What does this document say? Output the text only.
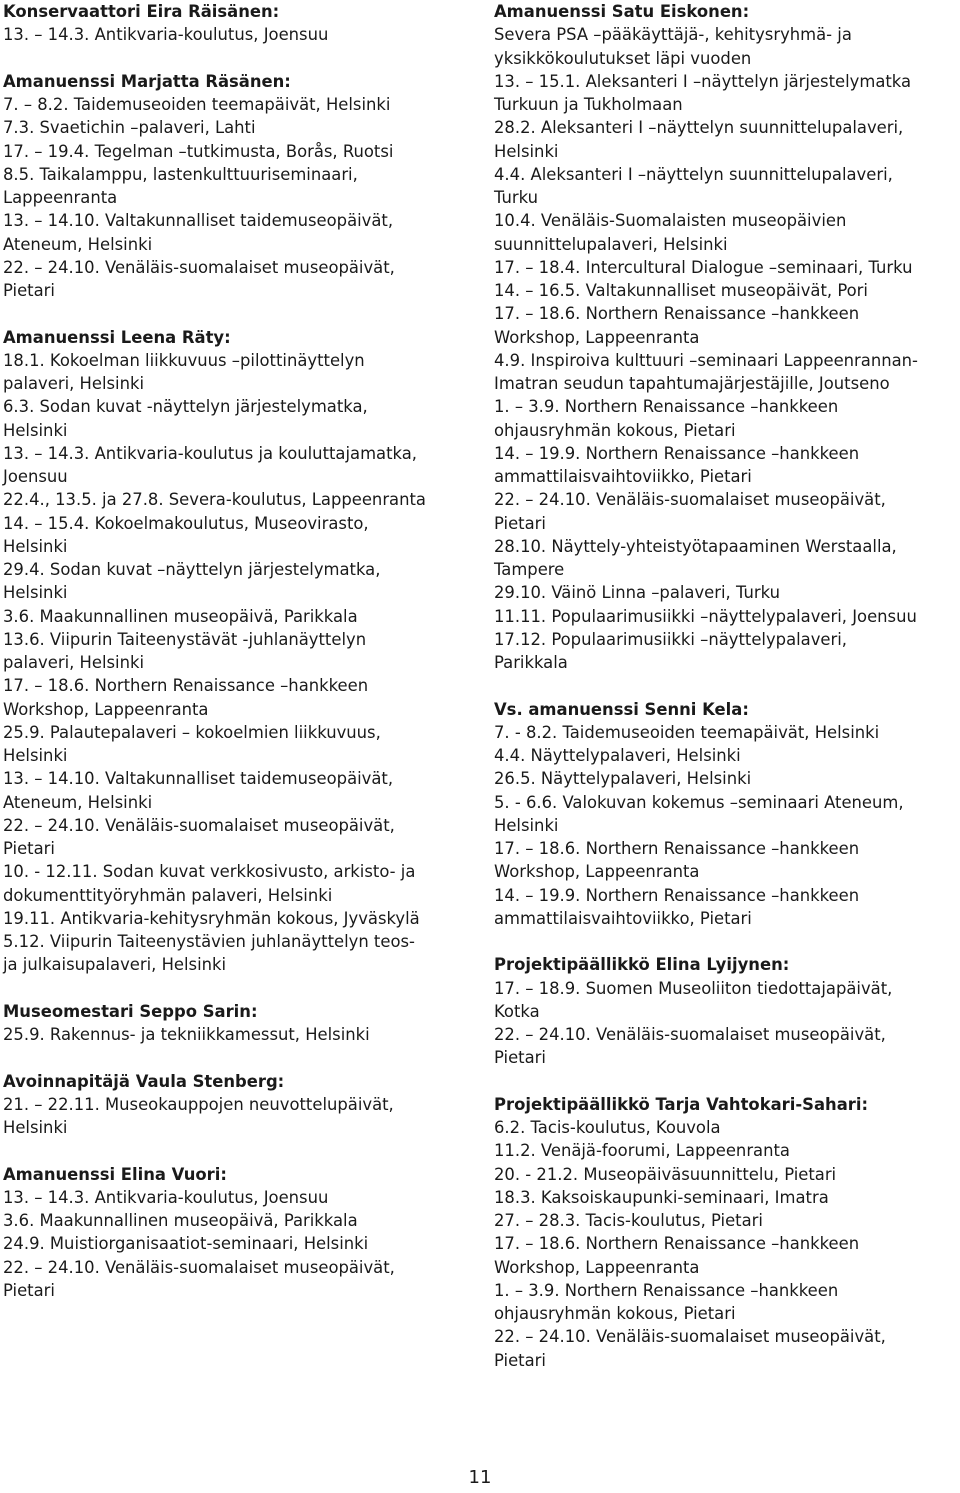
Konservaattori Eira Räisänen:
13. – 14.3. Antikvaria-koulutus, Joensuu
Amanuenssi Marjatta Räsänen:
7. – 8.2. Taidemuseoiden teemapäivät, Helsinki
7.3. Svaetichin –palaveri, Lahti
17. – 19.4. Tegelman –tutkimusta, Borås, Ruotsi
8.5. Taikalamppu, lastenkulttuuriseminaari,
Lappeenranta
13. – 14.10. Valtakunnalliset taidemuseopäivät,
Ateneum, Helsinki
22. – 24.10. Venäläis-suomalaiset museopäivät,
Pietari
Amanuenssi Leena Räty:
18.1. Kokoelman liikkuvuus –pilottinäyttelyn
palaveri, Helsinki
6.3. Sodan kuvat -näyttelyn järjestelymatka,
Helsinki
13. – 14.3. Antikvaria-koulutus ja kouluttajamatka,
Joensuu
22.4., 13.5. ja 27.8. Severa-koulutus, Lappeenranta
14. – 15.4. Kokoelmakoulutus, Museovirasto,
Helsinki
29.4. Sodan kuvat –näyttelyn järjestelymatka,
Helsinki
3.6. Maakunnallinen museopäivä, Parikkala
13.6. Viipurin Taiteenystävät -juhlanäyttelyn
palaveri, Helsinki
17. – 18.6. Northern Renaissance –hankkeen
Workshop, Lappeenranta
25.9. Palautepalaveri – kokoelmien liikkuvuus,
Helsinki
13. – 14.10. Valtakunnalliset taidemuseopäivät,
Ateneum, Helsinki
22. – 24.10. Venäläis-suomalaiset museopäivät,
Pietari
10. - 12.11. Sodan kuvat verkkosivusto, arkisto- ja
dokumenttityöryhmän palaveri, Helsinki
19.11. Antikvaria-kehitysryhmän kokous, Jyväskylä
5.12. Viipurin Taiteenystävien juhlanäyttelyn teos-
ja julkaisupalaveri, Helsinki
Museomestari Seppo Sarin:
25.9. Rakennus- ja tekniikkamessut, Helsinki
Avoinnapitäjä Vaula Stenberg:
21. – 22.11. Museokauppojen neuvottelupäivät,
Helsinki
Amanuenssi Elina Vuori:
13. – 14.3. Antikvaria-koulutus, Joensuu
3.6. Maakunnallinen museopäivä, Parikkala
24.9. Muistiorganisaatiot-seminaari, Helsinki
22. – 24.10. Venäläis-suomalaiset museopäivät,
Pietari
Amanuenssi Satu Eiskonen:
Severa PSA –pääkäyttäjä-, kehitysryhmä- ja
yksikkökoulutukset läpi vuoden
13. – 15.1. Aleksanteri I –näyttelyn järjestelymatka
Turkuun ja Tukholmaan
28.2. Aleksanteri I –näyttelyn suunnittelupalaveri,
Helsinki
4.4. Aleksanteri I –näyttelyn suunnittelupalaveri,
Turku
10.4. Venäläis-Suomalaisten museopäivien
suunnittelupalaveri, Helsinki
17. – 18.4. Intercultural Dialogue –seminaari, Turku
14. – 16.5. Valtakunnalliset museopäivät, Pori
17. – 18.6. Northern Renaissance –hankkeen
Workshop, Lappeenranta
4.9. Inspiroiva kulttuuri –seminaari Lappeenrannan-
Imatran seudun tapahtumajärjestäjille, Joutseno
1. – 3.9. Northern Renaissance –hankkeen
ohjausryhmän kokous, Pietari
14. – 19.9. Northern Renaissance –hankkeen
ammattilaisvaihtoviikko, Pietari
22. – 24.10. Venäläis-suomalaiset museopäivät,
Pietari
28.10. Näyttely-yhteistyötapaaminen Werstaalla,
Tampere
29.10. Väinö Linna –palaveri, Turku
11.11. Populaarimusiikki –näyttelypalaveri, Joensuu
17.12. Populaarimusiikki –näyttelypalaveri,
Parikkala
Vs. amanuenssi Senni Kela:
7. - 8.2. Taidemuseoiden teemapäivät, Helsinki
4.4. Näyttelypalaveri, Helsinki
26.5. Näyttelypalaveri, Helsinki
5. - 6.6. Valokuvan kokemus –seminaari Ateneum,
Helsinki
17. – 18.6. Northern Renaissance –hankkeen
Workshop, Lappeenranta
14. – 19.9. Northern Renaissance –hankkeen
ammattilaisvaihtoviikko, Pietari
Projektipäällikkö Elina Lyijynen:
17. – 18.9. Suomen Museoliiton tiedottajapäivät,
Kotka
22. – 24.10. Venäläis-suomalaiset museopäivät,
Pietari
Projektipäällikkö Tarja Vahtokari-Sahari:
6.2. Tacis-koulutus, Kouvola
11.2. Venäjä-foorumi, Lappeenranta
20. - 21.2. Museopäiväsuunnittelu, Pietari
18.3. Kaksoiskaupunki-seminaari, Imatra
27. – 28.3. Tacis-koulutus, Pietari
17. – 18.6. Northern Renaissance –hankkeen
Workshop, Lappeenranta
1. – 3.9. Northern Renaissance –hankkeen
ohjausryhmän kokous, Pietari
22. – 24.10. Venäläis-suomalaiset museopäivät,
Pietari
11
